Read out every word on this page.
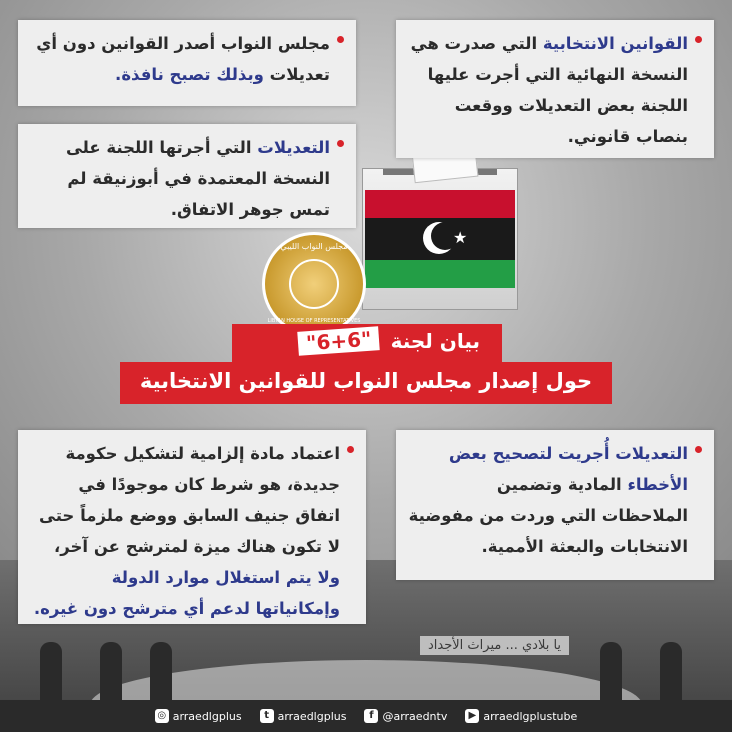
يا بلادي ... ميراث الأجداد
★
مجلس النواب الليبي
LIBYAN HOUSE OF REPRESENTATIVES
القوانين الانتخابية التي صدرت هي النسخة النهائية التي أجرت عليها اللجنة بعض التعديلات ووقعت بنصاب قانوني.
مجلس النواب أصدر القوانين دون أي تعديلات وبذلك تصبح نافذة.
التعديلات التي أجرتها اللجنة على النسخة المعتمدة في أبوزنيقة لم تمس جوهر الاتفاق.
التعديلات أُجريت لتصحيح بعض الأخطاء المادية وتضمين الملاحظات التي وردت من مفوضية الانتخابات والبعثة الأممية.
اعتماد مادة إلزامية لتشكيل حكومة جديدة، هو شرط كان موجودًا في اتفاق جنيف السابق ووضع ملزماً حتى لا تكون هناك ميزة لمترشح عن آخر، ولا يتم استغلال موارد الدولة وإمكانياتها لدعم أي مترشح دون غيره.
بيان لجنة "6+6"
حول إصدار مجلس النواب للقوانين الانتخابية
◎ arraedlgplus	t arraedlgplus	f @arraedntv	▶ arraedlgplustube
